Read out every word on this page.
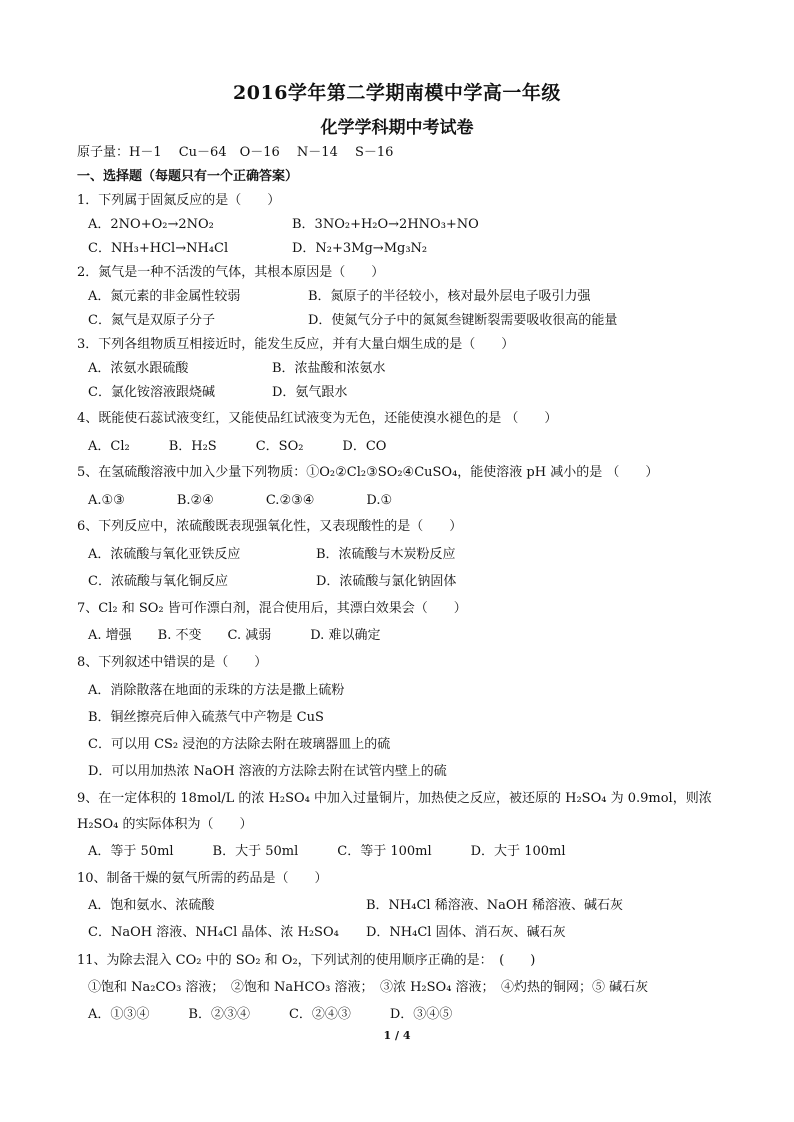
2016学年第二学期南模中学高一年级
化学学科期中考试卷
原子量：H－1　 Cu－64　O－16　 N－14　 S－16
一、选择题（每题只有一个正确答案）
1．下列属于固氮反应的是（　　）
A．2NO+O₂→2NO₂	B．3NO₂+H₂O→2HNO₃+NO
C．NH₃+HCl→NH₄Cl	D．N₂+3Mg→Mg₃N₂
2．氮气是一种不活泼的气体，其根本原因是（　　）
A．氮元素的非金属性较弱	B．氮原子的半径较小，核对最外层电子吸引力强
C．氮气是双原子分子	D．使氮气分子中的氮氮叁键断裂需要吸收很高的能量
3．下列各组物质互相接近时，能发生反应，并有大量白烟生成的是（　　）
A．浓氨水跟硫酸	B．浓盐酸和浓氨水
C．氯化铵溶液跟烧碱	D．氨气跟水
4、既能使石蕊试液变红，又能使品红试液变为无色，还能使溴水褪色的是 （　　）
A．Cl₂　　　B．H₂S　　　C．SO₂　　　D．CO
5、在氢硫酸溶液中加入少量下列物质：①O₂②Cl₂③SO₂④CuSO₄，能使溶液 pH 减小的是 （　　）
A.①③　　　　B.②④　　　　C.②③④　　　　D.①
6、下列反应中，浓硫酸既表现强氧化性，又表现酸性的是（　　）
A．浓硫酸与氧化亚铁反应	B．浓硫酸与木炭粉反应
C．浓硫酸与氧化铜反应	D．浓硫酸与氯化钠固体
7、Cl₂ 和 SO₂ 皆可作漂白剂，混合使用后，其漂白效果会（　　）
A. 增强　　B. 不变　　C. 减弱　　　D. 难以确定
8、下列叙述中错误的是（　　）
A．消除散落在地面的汞珠的方法是撒上硫粉
B．铜丝擦亮后伸入硫蒸气中产物是 CuS
C．可以用 CS₂ 浸泡的方法除去附在玻璃器皿上的硫
D．可以用加热浓 NaOH 溶液的方法除去附在试管内壁上的硫
9、在一定体积的 18mol/L 的浓 H₂SO₄ 中加入过量铜片，加热使之反应，被还原的 H₂SO₄ 为 0.9mol，则浓
H₂SO₄ 的实际体积为（　　）
A．等于 50ml　　　B．大于 50ml　　　C．等于 100ml　　　D．大于 100ml
10、制备干燥的氨气所需的药品是（　　）
A．饱和氨水、浓硫酸	B．NH₄Cl 稀溶液、NaOH 稀溶液、碱石灰
C．NaOH 溶液、NH₄Cl 晶体、浓 H₂SO₄ D．NH₄Cl 固体、消石灰、碱石灰
11、为除去混入 CO₂ 中的 SO₂ 和 O₂，下列试剂的使用顺序正确的是：　(　　)
①饱和 Na₂CO₃ 溶液；　②饱和 NaHCO₃ 溶液；　③浓 H₂SO₄ 溶液；　④灼热的铜网；⑤ 碱石灰
A．①③④　　　B．②③④　　　C．②④③　　　D．③④⑤
1 / 4
